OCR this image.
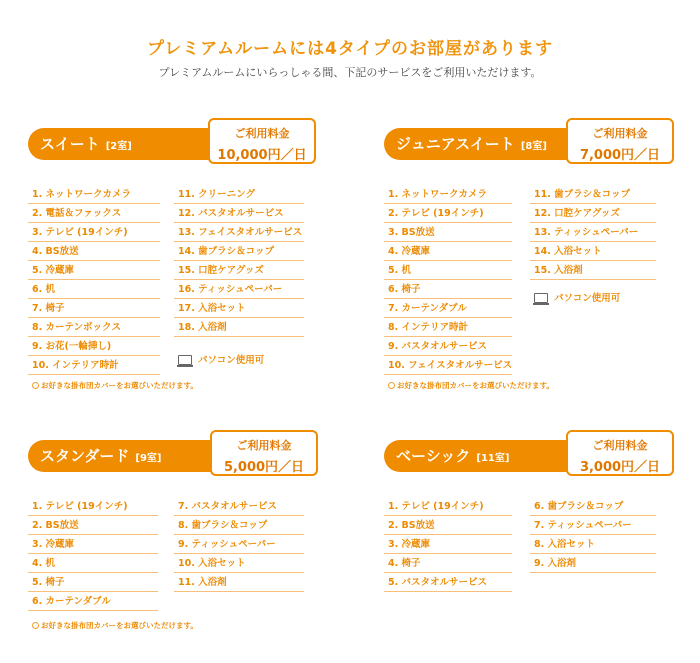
プレミアムルームには4タイプのお部屋があります
プレミアムルームにいらっしゃる間、下記のサービスをご利用いただけます。
スイート [2室]
ご利用料金
10,000円／日
1. ネットワークカメラ
2. 電話＆ファックス
3. テレビ (19インチ)
4. BS放送
5. 冷蔵庫
6. 机
7. 椅子
8. カーテンボックス
9. お花(一輪挿し)
10. インテリア時計
11. クリーニング
12. バスタオルサービス
13. フェイスタオルサービス
14. 歯ブラシ＆コップ
15. 口腔ケアグッズ
16. ティッシュペーパー
17. 入浴セット
18. 入浴剤
パソコン使用可
お好きな掛布団カバーをお選びいただけます。
ジュニアスイート [8室]
ご利用料金
7,000円／日
1. ネットワークカメラ
2. テレビ (19インチ)
3. BS放送
4. 冷蔵庫
5. 机
6. 椅子
7. カーテンダブル
8. インテリア時計
9. バスタオルサービス
10. フェイスタオルサービス
11. 歯ブラシ＆コップ
12. 口腔ケアグッズ
13. ティッシュペーパー
14. 入浴セット
15. 入浴剤
パソコン使用可
お好きな掛布団カバーをお選びいただけます。
スタンダード [9室]
ご利用料金
5,000円／日
1. テレビ (19インチ)
2. BS放送
3. 冷蔵庫
4. 机
5. 椅子
6. カーテンダブル
7. バスタオルサービス
8. 歯ブラシ＆コップ
9. ティッシュペーパー
10. 入浴セット
11. 入浴剤
お好きな掛布団カバーをお選びいただけます。
ベーシック [11室]
ご利用料金
3,000円／日
1. テレビ (19インチ)
2. BS放送
3. 冷蔵庫
4. 椅子
5. バスタオルサービス
6. 歯ブラシ＆コップ
7. ティッシュペーパー
8. 入浴セット
9. 入浴剤
